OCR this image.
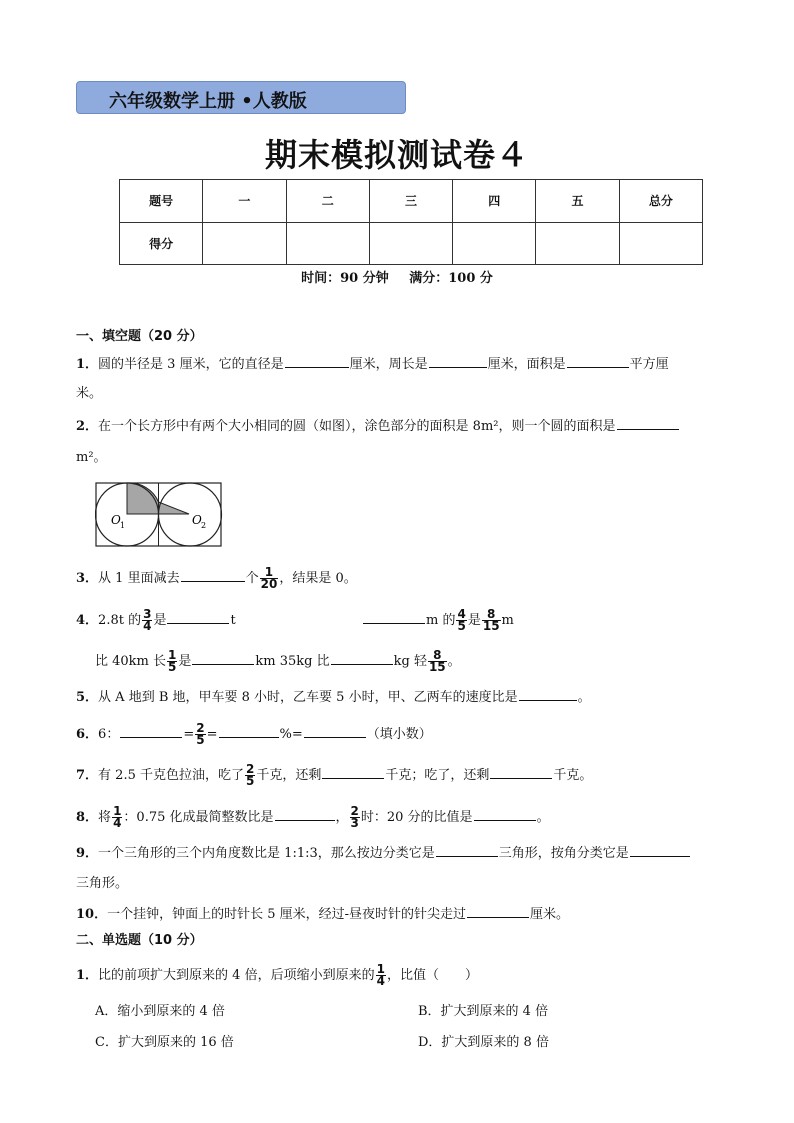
六年级数学上册 •人教版
期末模拟测试卷４
题号	一	二	三	四	五	总分
得分						
时间：90 分钟 满分：100 分
一、填空题（20 分）
1．圆的半径是 3 厘米，它的直径是	厘米，周长是	厘米，面积是	平方厘
米。
2．在一个长方形中有两个大小相同的圆（如图），涂色部分的面积是 8m²，则一个圆的面积是
m²。
O 1	O 2
3．从 1 里面减去	个 $\frac{1}{20}$ ，结果是 0。
4．2.8t 的 $\frac{3}{4}$ 是	t	m 的 $\frac{4}{5}$ 是 $\frac{8}{15}$ m
比 40km 长 $\frac{1}{5}$ 是	km 35kg 比	kg 轻 $\frac{8}{15}$ 。
5．从 A 地到 B 地，甲车要 8 小时，乙车要 5 小时，甲、乙两车的速度比是	。
6．6：	= $\frac{2}{5}$ =	%=	（填小数）
7．有 2.5 千克色拉油，吃了 $\frac{2}{5}$ 千克，还剩	千克；吃了，还剩	千克。
8．将 $\frac{1}{4}$ ：0.75 化成最简整数比是	， $\frac{2}{3}$ 时：20 分的比值是	。
9．一个三角形的三个内角度数比是 1:1:3，那么按边分类它是	三角形，按角分类它是
三角形。
10．一个挂钟，钟面上的时针长 5 厘米，经过-昼夜时针的针尖走过	厘米。
二、单选题（10 分）
1．比的前项扩大到原来的 4 倍，后项缩小到原来的 $\frac{1}{4}$ ，比值（　　）
A．缩小到原来的 4 倍	B．扩大到原来的 4 倍
C．扩大到原来的 16 倍	D．扩大到原来的 8 倍
